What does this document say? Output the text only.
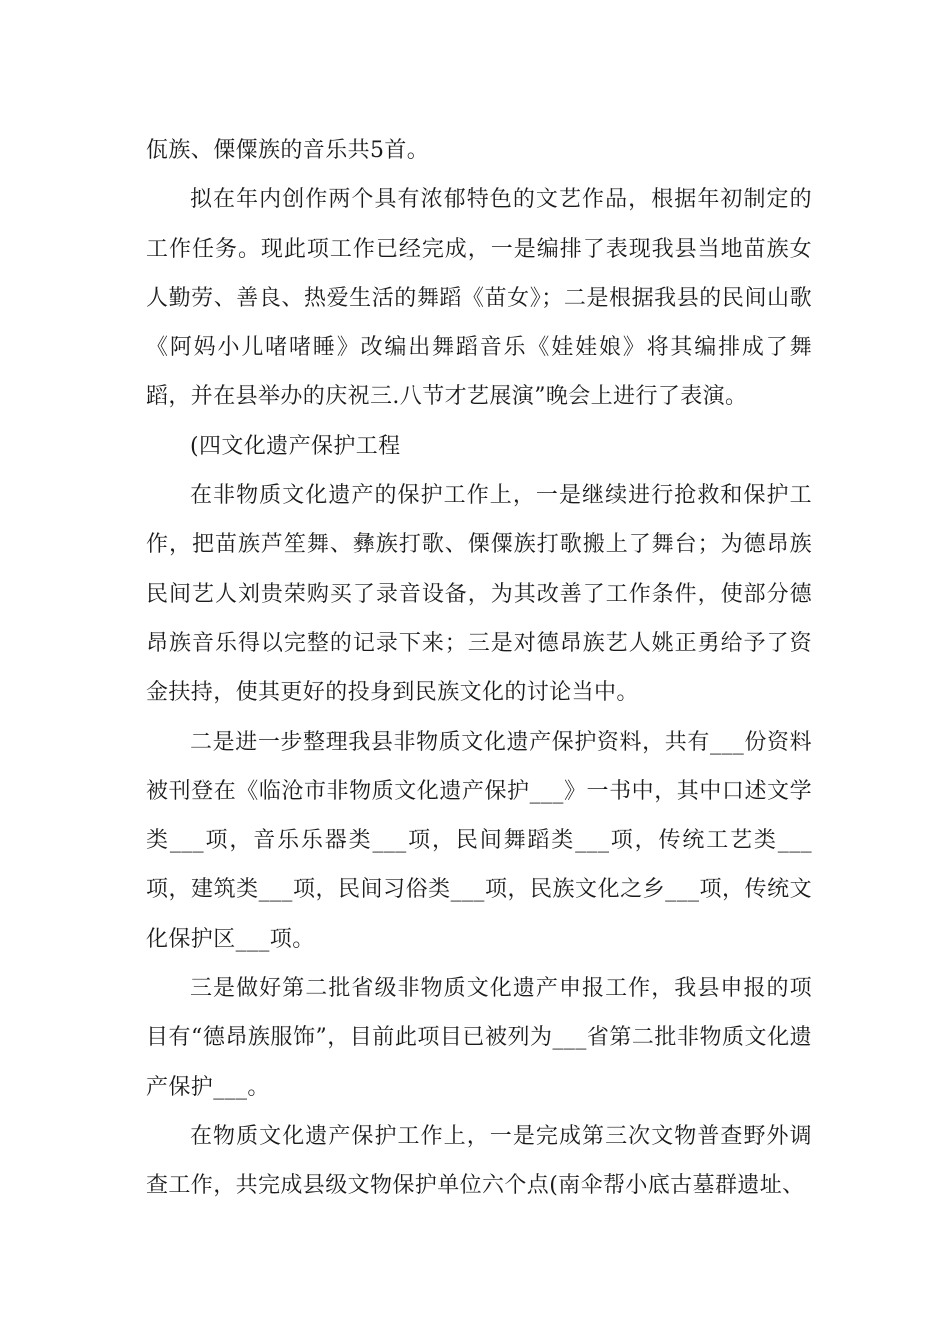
佤族、傈僳族的音乐共5首。

拟在年内创作两个具有浓郁特色的文艺作品，根据年初制定的工作任务。现此项工作已经完成，一是编排了表现我县当地苗族女人勤劳、善良、热爱生活的舞蹈《苗女》；二是根据我县的民间山歌《阿妈小儿啫啫睡》改编出舞蹈音乐《娃娃娘》将其编排成了舞蹈，并在县举办的庆祝三.八节才艺展演”晚会上进行了表演。

(四文化遗产保护工程

在非物质文化遗产的保护工作上，一是继续进行抢救和保护工作，把苗族芦笙舞、彝族打歌、傈僳族打歌搬上了舞台；为德昂族民间艺人刘贵荣购买了录音设备，为其改善了工作条件，使部分德昂族音乐得以完整的记录下来；三是对德昂族艺人姚正勇给予了资金扶持，使其更好的投身到民族文化的讨论当中。

二是进一步整理我县非物质文化遗产保护资料，共有___份资料被刊登在《临沧市非物质文化遗产保护___》一书中，其中口述文学类___项，音乐乐器类___项，民间舞蹈类___项，传统工艺类___项，建筑类___项，民间习俗类___项，民族文化之乡___项，传统文化保护区___项。

三是做好第二批省级非物质文化遗产申报工作，我县申报的项目有“德昂族服饰”，目前此项目已被列为___省第二批非物质文化遗产保护___。

在物质文化遗产保护工作上，一是完成第三次文物普查野外调查工作，共完成县级文物保护单位六个点(南伞帮小底古墓群遗址、
